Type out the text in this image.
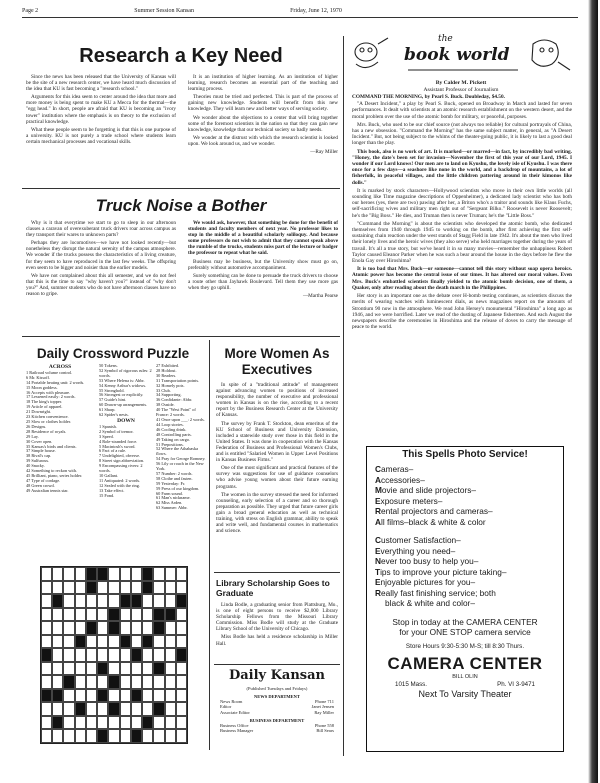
Page 2	Summer Session Kansan	Friday, June 12, 1970
Research a Key Need

Since the news has been released that the University of Kansas will be the site of a new research center, we have heard much discussion of the idea that KU is fast becoming a "research school."

Arguments for this idea seem to center around the idea that more and more money is being spent to make KU a Mecca for the thermal—the "egg head." In short, people are afraid that KU is becoming an "ivory tower" institution where the emphasis is on theory to the exclusion of practical knowledge.

What these people seem to be forgetting is that this is one purpose of a university. KU is not purely a trade school where students learn certain mechanical processes and vocational skills.

It is an institution of higher learning. As an institution of higher learning, research becomes an essential part of the teaching and learning process.

Theories must be tried and perfected. This is part of the process of gaining new knowledge. Students will benefit from this new knowledge. They will learn new and better ways of serving society.

We wonder about the objections to a center that will bring together some of the foremost scientists in the nation so that they can gain new knowledge, knowledge that our technical society so badly needs.

We wonder at the distrust with which the research scientist is looked upon. We look around us, and we wonder.

—Ray Miller
Truck Noise a Bother

Why is it that everytime we start to go to sleep in our afternoon classes a caravan of overexuberant truck drivers roar across campus as they transport their wares to unknown parts?

Perhaps they are locomotives—we have not looked recently—but nonetheless they disrupt the natural serenity of the campus atmosphere. We wonder if the trucks possess the characteristics of a living creature, for they seem to have reproduced in the last few weeks. The offspring even seem to be bigger and noisier than the earlier models.

We have not complained about this all semester, and we do not feel that this is the time to say "why haven't you?" instead of "why don't you?" And, summer students who do not have afternoon classes have no reason to gripe.

We would ask, however, that something be done for the benefit of students and faculty members of next year. No professor likes to stop in the middle of a beautiful scholarly soliloquy. And because some professors do not wish to admit that they cannot speak above the rumble of the trucks, students miss part of the lecture or badger the professor to repeat what he said.

Business may be business, but the University show must go on, preferably without automotive accompaniment.

Surely something can be done to persuade the truck drivers to choose a route other than Jayhawk Boulevard. Tell them they use more gas when they go uphill.

—Martha Pearse
Daily Crossword Puzzle
ACROSS
1 Railroad volume control.
6 Mr. Kissoff.
14 Portable heating unit: 2 words.
15 Moon goddess.
16 Accepts with pleasure.
17 Lessened easily: 2 words.
18 The king's topper.
19 Article of apparel.
21 Downright.
23 Kitchen convenience.
25 Slow or clothes holder.
26 Designs.
28 Residence of royals.
29 Lay.
30 Cover open.
35 Kansas's birds and clients.
37 Simple house.
38 Rival's cap.
39 Sulfurous.
40 Snacky.
42 Something to reckon with.
45 Brilliant, piano, series holder.
47 Type of cordage.
48 Green crowd.
49 Australian tennis star.
50 Tokens.
52 Symbol of rigorous rules: 2 words.
53 Where Helena is: Abbr.
54 Kenny Arthur's widows.
55 Stronghold.
56 Strongest or explicitly.
57 Guide's hint.
60 Drawn-up arrangements.
61 Sharp.
62 Spider's nests.
DOWN
1 Spanish.
2 Symbol of tremor.
3 Speed.
4 Role-stranded force.
5 Macintosh's sword.
6 Fact of a rule.
7 Undelighted, obverse.
8 Street sign abbreviation.
9 Encompassing rivers: 2 words.
10 Gallant.
11 Antiquated: 2 words.
12 Sealed with the ring.
13 Take effect.
15 Fond.
27 Exhibited.
28 Holdout.
30 Readers.
31 Transportation points.
32 Homely pots.
33 Club.
34 Supporting.
36 Confidante: Abbr.
38 Ouside.
40 The "West Point" of France: 2 words.
41 Once upon ___: 2 words.
44 Loop stories.
46 Cooling drink.
48 Controlling parts.
49 Taking on cargo.
51 Prepositions.
52 Where the Athabaska flows.
54 Pray for George Romney.
56 Lily or roach in the New York.
57 Number: 2 words.
58 Clothe and fasten.
59 Yesterday: Fr.
59 Press of our kingdom.
60 Farm sound.
61 Man's nickname.
62 Miss Arden.
63 Summer: Abbr.
More Women As Executives

In spite of a "traditional attitude" of management against advancing women to positions of increased responsibility, the number of executive and professional women in Kansas is on the rise, according to a recent report by the Business Research Center at the University of Kansas.

The survey by Frank T. Stockton, dean emeritus of the KU School of Business and University Extension, included a statewide study over those in this field in the United States. It was done in cooperation with the Kansas Federation of Business and Professional Women's Clubs, and is entitled "Salaried Women in Upper Level Positions in Kansas Business Firms."

One of the most significant and practical features of the survey was suggestions for use of guidance counselors who advise young women about their future earning programs.

The women in the survey stressed the need for informed counseling, early selection of a career and so thorough preparation as possible. They urged that future career girls gain a broad general education as well as technical training, with stress on English grammar, ability to speak and write well, and fundamental courses in mathematics and science.

Library Scholarship Goes to Graduate

Linda Bodle, a graduating senior from Plattsburg, Mo., is one of eight persons to receive $2,000 Library Scholarship Fellows from the Missouri Library Commission. Miss Bodle will study at the Graduate Library School of the University of Chicago.

Miss Bodle has held a residence scholarship in Miller Hall.

Daily Kansan
(Published Tuesdays and Fridays)
NEWS DEPARTMENT
News Room	Phone 711
Editor	Janet Jensen
Associate Editor	Ray Miller
BUSINESS DEPARTMENT
Business Office	Phone 558
Business Manager	Bill Sears
the
book world
By Calder M. Pickett
Assistant Professor of Journalism
COMMAND THE MORNING, by Pearl S. Buck. Doubleday, $4.50.

"A Desert Incident," a play by Pearl S. Buck, opened on Broadway in March and lasted for seven performances. It dealt with scientists at an atomic research establishment on the western desert, and the moral problem over the use of the atomic bomb for military, or peaceful, purposes.

Mrs. Buck, who used to be our chief source (not always too reliable) for cultural portrayals of China, has a new obsession. "Command the Morning" has the same subject matter, in general, as "A Desert Incident." But, not being subject to the whims of the theater-going public, it is likely to last a good deal longer than the play.

This book, also is no work of art. It is marked—or marred—in fact, by incredibly bad writing. "Honey, the date's been set for invasion—November the first of this year of our Lord, 1945. I wonder if our Lord knows! Our men are to land on Kyushu, the lovely isle of Kyushu. I was there once for a few days—a seashore like none in the world, and a backdrop of mountains, a lot of fisherfolk, in peaceful villages, and the little children pattering around in their kimonos like dolls."

It is marked by stock characters—Hollywood scientists who move in their own little worlds (all sounding like Time magazine descriptions of Oppenheimer), a dedicated lady scientist who has both our heroes (yes, there are two) pawing after her, a Briton who's a traitor and sounds like Klaus Fuchs, self-sacrificing wives and military men right out of "Sergeant Bilko." Roosevelt is never Roosevelt; he's the "Big Boss." He dies, and Truman then is never Truman; he's the "Little Boss."

"Command the Morning" is about the scientists who developed the atomic bomb, who dedicated themselves from 1940 through 1945 to working on the bomb, after first achieving the first self-sustaining chain reaction under the west stands of Stagg Field in late 1942. It's about the men who lived their lonely lives and the heroic wives (they also serve) who held marriages together during the years of travail. It's all a true story, but we've heard it in so many movies—remember the unhappiness Robert Taylor caused Eleanor Parker when he was such a bear around the house in the days before he flew the Enola Gay over Hiroshima?

It is too bad that Mrs. Buck—or someone—cannot tell this story without soap opera heroics. Atomic power has become the central issue of our times. It has altered our moral values. Even Mrs. Buck's embattled scientists finally yielded to the atomic bomb decision, one of them, a Quaker, only after reading about the death march in the Philippines.

Her story is an important one as the debate over H-bomb testing continues, as scientists discuss the merits of wearing watches with luminescent dials, as news magazines report on the amounts of Strontium 90 now in the atmosphere. We read John Hersey's monumental "Hiroshima" a long ago as 1946, and we were horrified. Later we read of the dusting of Japanese fishermen. And each August the newspapers describe the ceremonies in Hiroshima and the release of doves to carry the message of peace to the world.

This Spells Photo Service!
Cameras–
Accessories–
Movie and slide projectors–
Exposure meters–
Rental projectors and cameras–
All films–black & white & color
Customer Satisfaction–
Everything you need–
Never too busy to help you–
Tips to improve your picture taking–
Enjoyable pictures for you–
Really fast finishing service; both
black & white and color–
Stop in today at the CAMERA CENTER
for your ONE STOP camera service
Store Hours 9:30-5:30 M-S; till 8:30 Thurs.
CAMERA CENTER
BILL OLIN
1015 Mass.	Ph. VI 3-9471
Next To Varsity Theater
